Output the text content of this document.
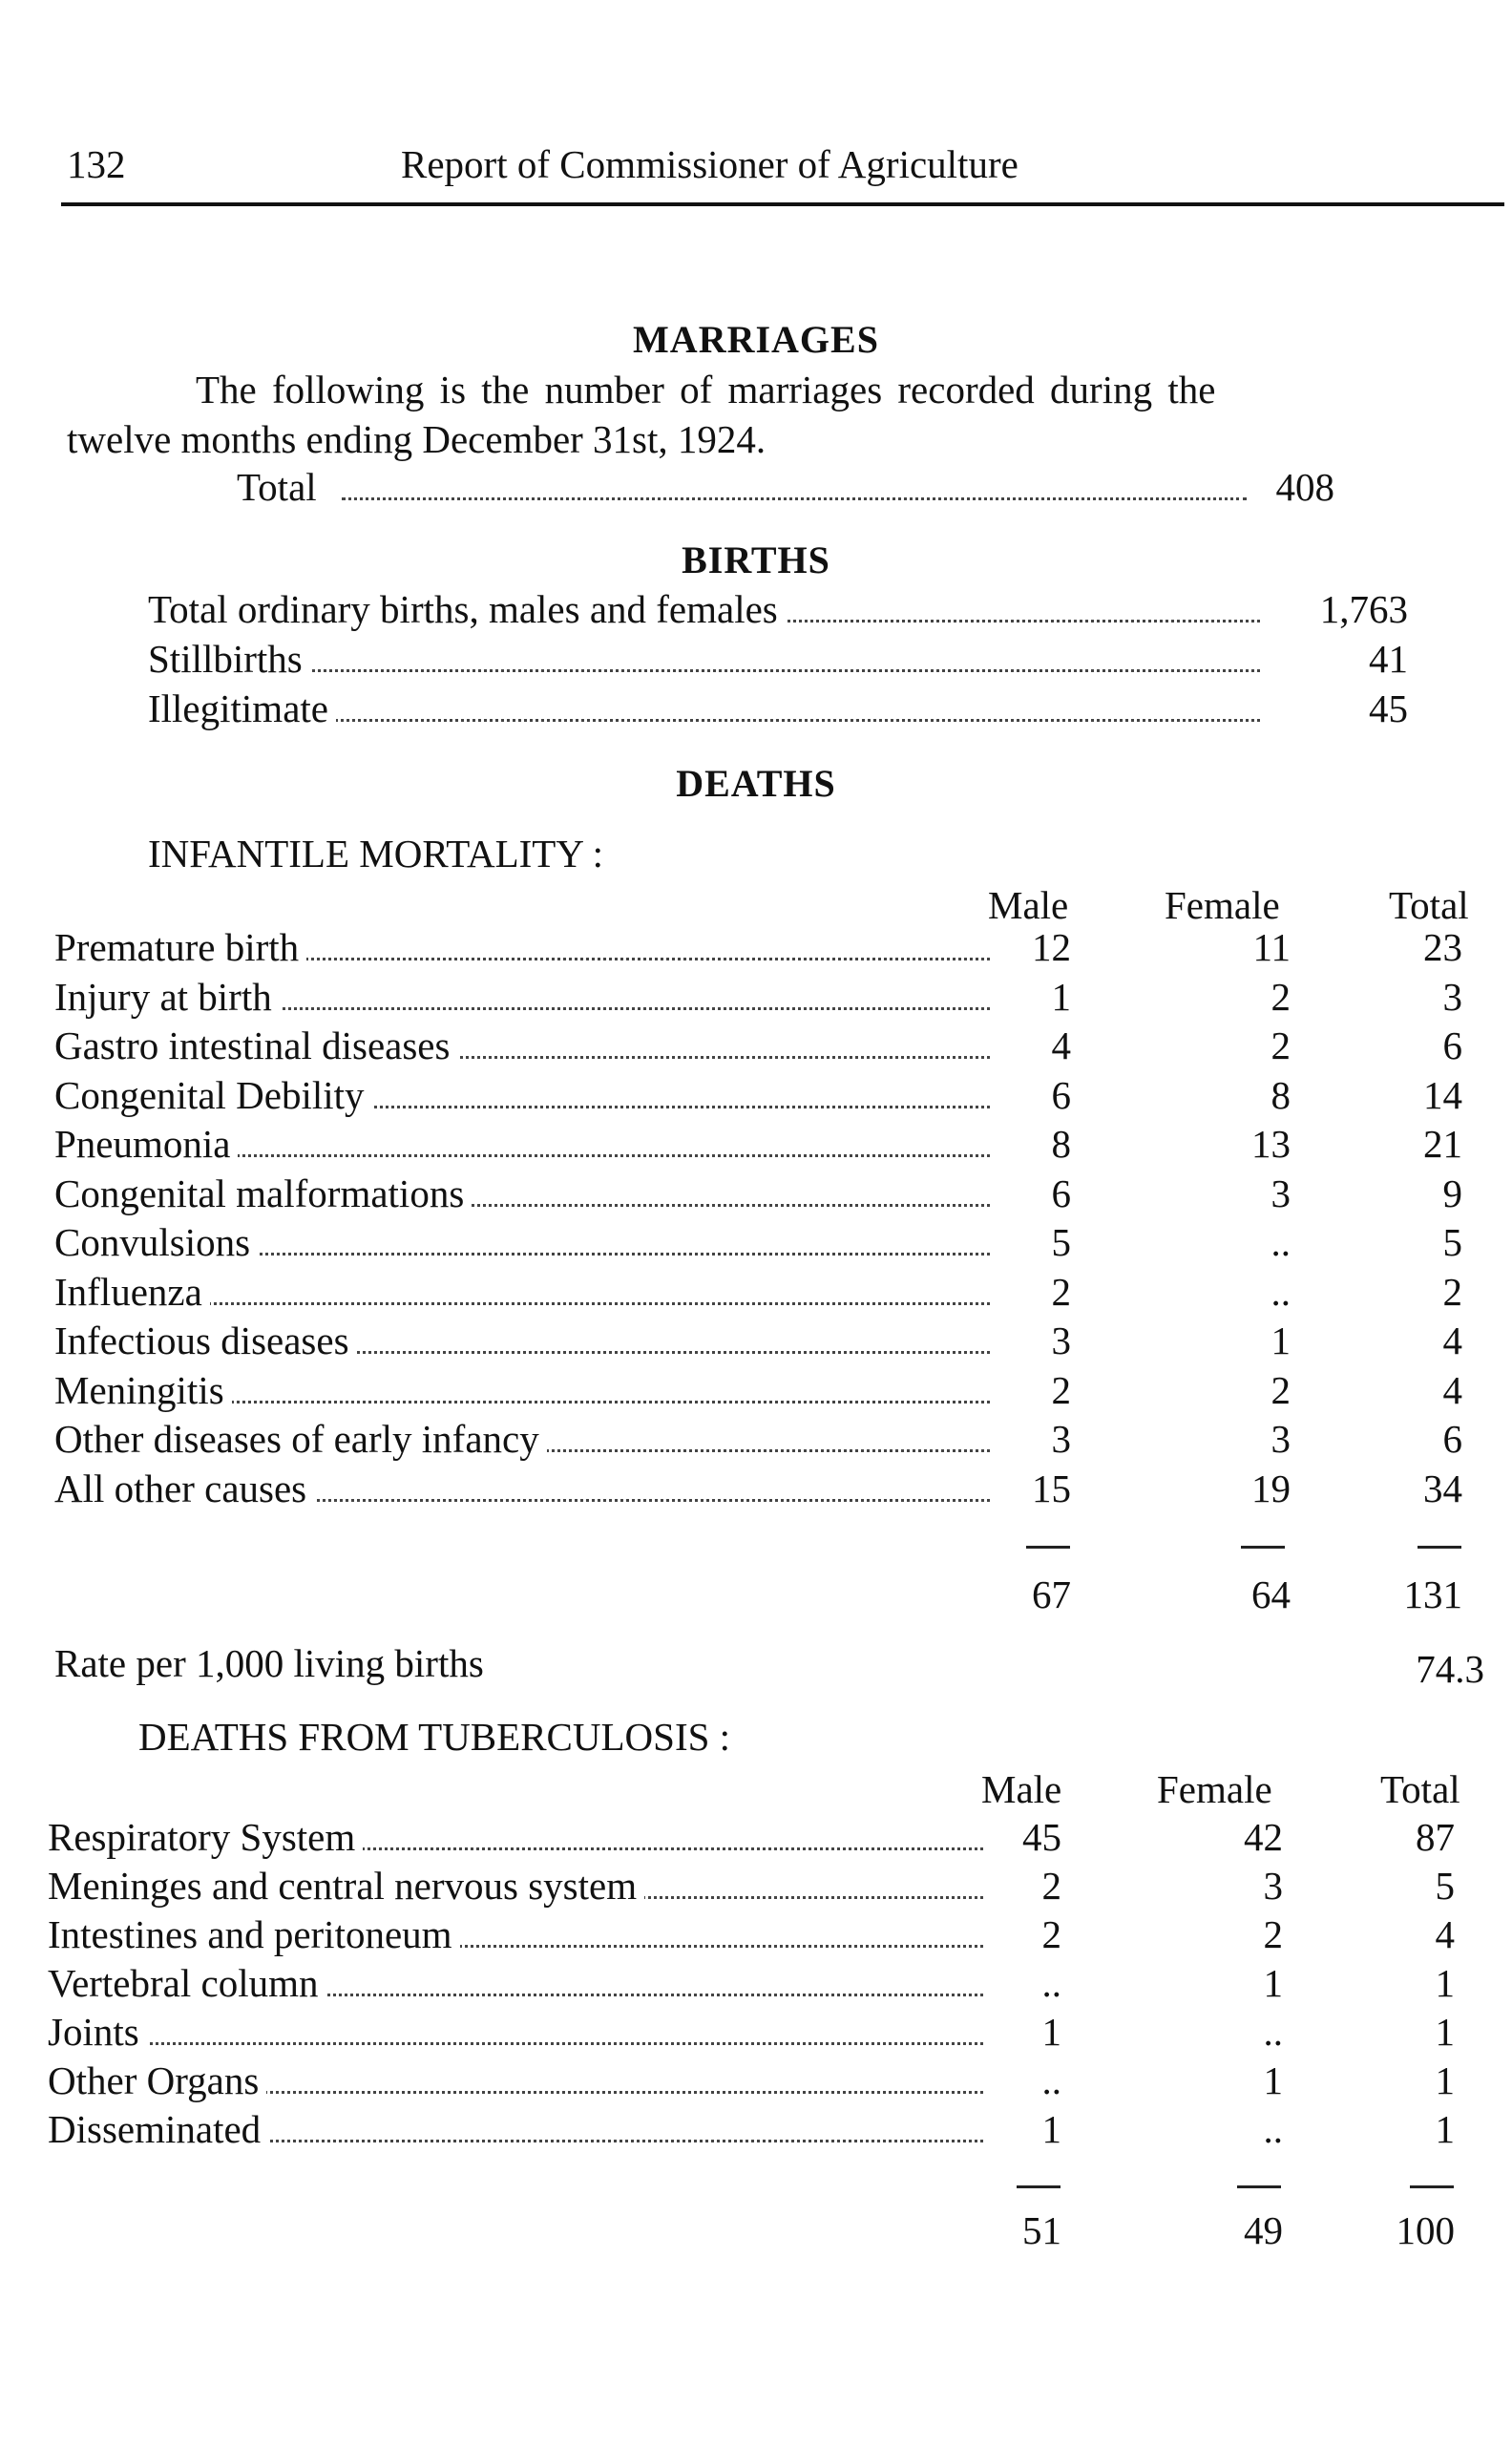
132	Report of Commissioner of Agriculture
MARRIAGES
The following is the number of marriages recorded during the
twelve months ending December 31st, 1924.
Total	408
BIRTHS
Total ordinary births, males and females	1,763
Stillbirths	41
Illegitimate	45
DEATHS
INFANTILE MORTALITY :
Male Female	Total
Premature birth	12	11	23
Injury at birth	1	2	3
Gastro intestinal diseases	4	2	6
Congenital Debility	6	8	14
Pneumonia	8	13	21
Congenital malformations	6	3	9
Convulsions	5	..	5
Influenza	2	..	2
Infectious diseases	3	1	4
Meningitis	2	2	4
Other diseases of early infancy	3	3	6
All other causes	15	19	34
67	64	131
Rate per 1,000 living births	74.3
DEATHS FROM TUBERCULOSIS :
Male Female	Total
Respiratory System	45	42	87
Meninges and central nervous system	2	3	5
Intestines and peritoneum	2	2	4
Vertebral column	..	1	1
Joints	1	..	1
Other Organs	..	1	1
Disseminated	1	..	1
51	49	100
